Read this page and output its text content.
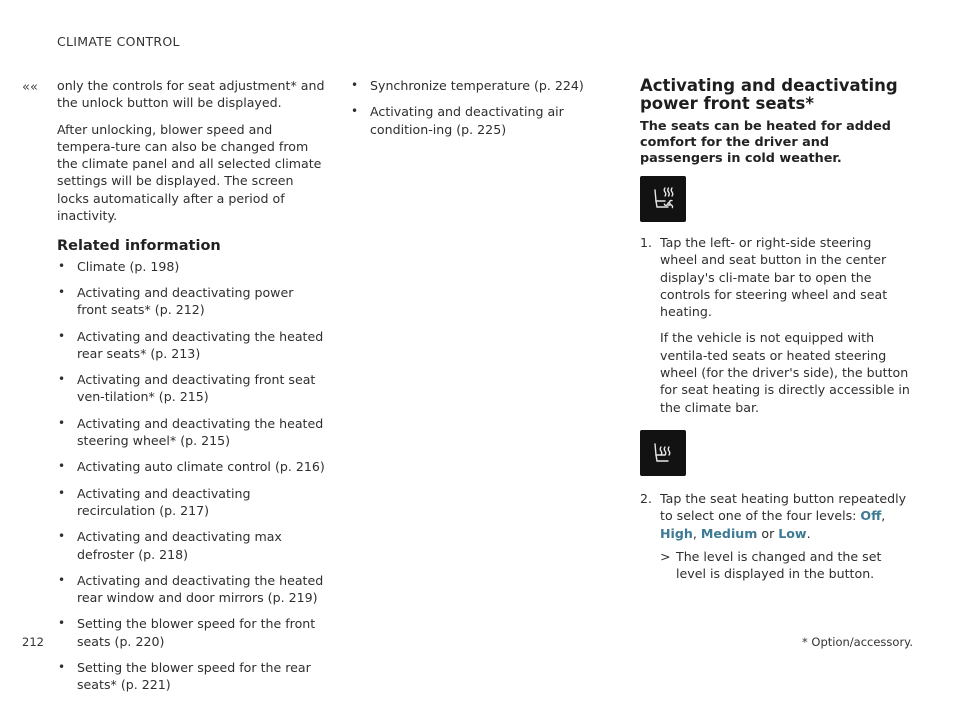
CLIMATE CONTROL
«« only the controls for seat adjustment* and the unlock button will be displayed.

After unlocking, blower speed and tempera-ture can also be changed from the climate panel and all selected climate settings will be displayed. The screen locks automatically after a period of inactivity.

Related information
• Climate (p. 198)
• Activating and deactivating power front seats* (p. 212)
• Activating and deactivating the heated rear seats* (p. 213)
• Activating and deactivating front seat ven-tilation* (p. 215)
• Activating and deactivating the heated steering wheel* (p. 215)
• Activating auto climate control (p. 216)
• Activating and deactivating recirculation (p. 217)
• Activating and deactivating max defroster (p. 218)
• Activating and deactivating the heated rear window and door mirrors (p. 219)
• Setting the blower speed for the front seats (p. 220)
• Setting the blower speed for the rear seats* (p. 221)
• Synchronize temperature (p. 224)
• Activating and deactivating air condition-ing (p. 225)
Activating and deactivating power front seats*

The seats can be heated for added comfort for the driver and passengers in cold weather.

1. Tap the left- or right-side steering wheel and seat button in the center display's cli-mate bar to open the controls for steering wheel and seat heating.
If the vehicle is not equipped with ventila-ted seats or heated steering wheel (for the driver's side), the button for seat heating is directly accessible in the climate bar.
2. Tap the seat heating button repeatedly to select one of the four levels: Off, High, Medium or Low.
> The level is changed and the set level is displayed in the button.
212	* Option/accessory.
